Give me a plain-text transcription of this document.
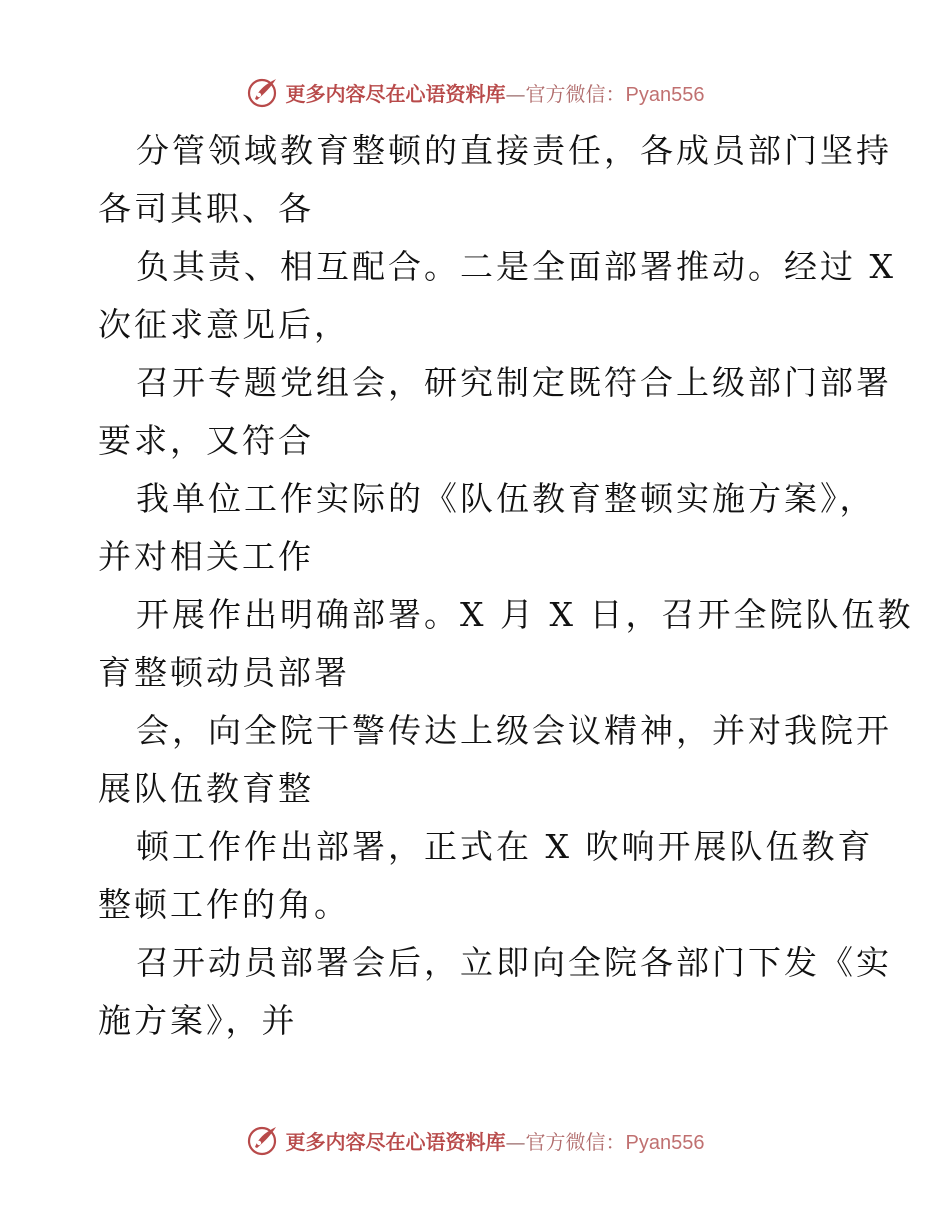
更多内容尽在心语资料库 — 官方微信： Pyan556

分管领域教育整顿的直接责任，各成员部门坚持

各司其职、各

负其责、相互配合。二是全面部署推动。经过 X

次征求意见后，

召开专题党组会，研究制定既符合上级部门部署

要求，又符合

我单位工作实际的《队伍教育整顿实施方案》，

并对相关工作

开展作出明确部署。X 月 X 日，召开全院队伍教

育整顿动员部署

会，向全院干警传达上级会议精神，并对我院开

展队伍教育整

顿工作作出部署，正式在 X 吹响开展队伍教育

整顿工作的角。

召开动员部署会后，立即向全院各部门下发《实

施方案》，并

更多内容尽在心语资料库 — 官方微信： Pyan556
